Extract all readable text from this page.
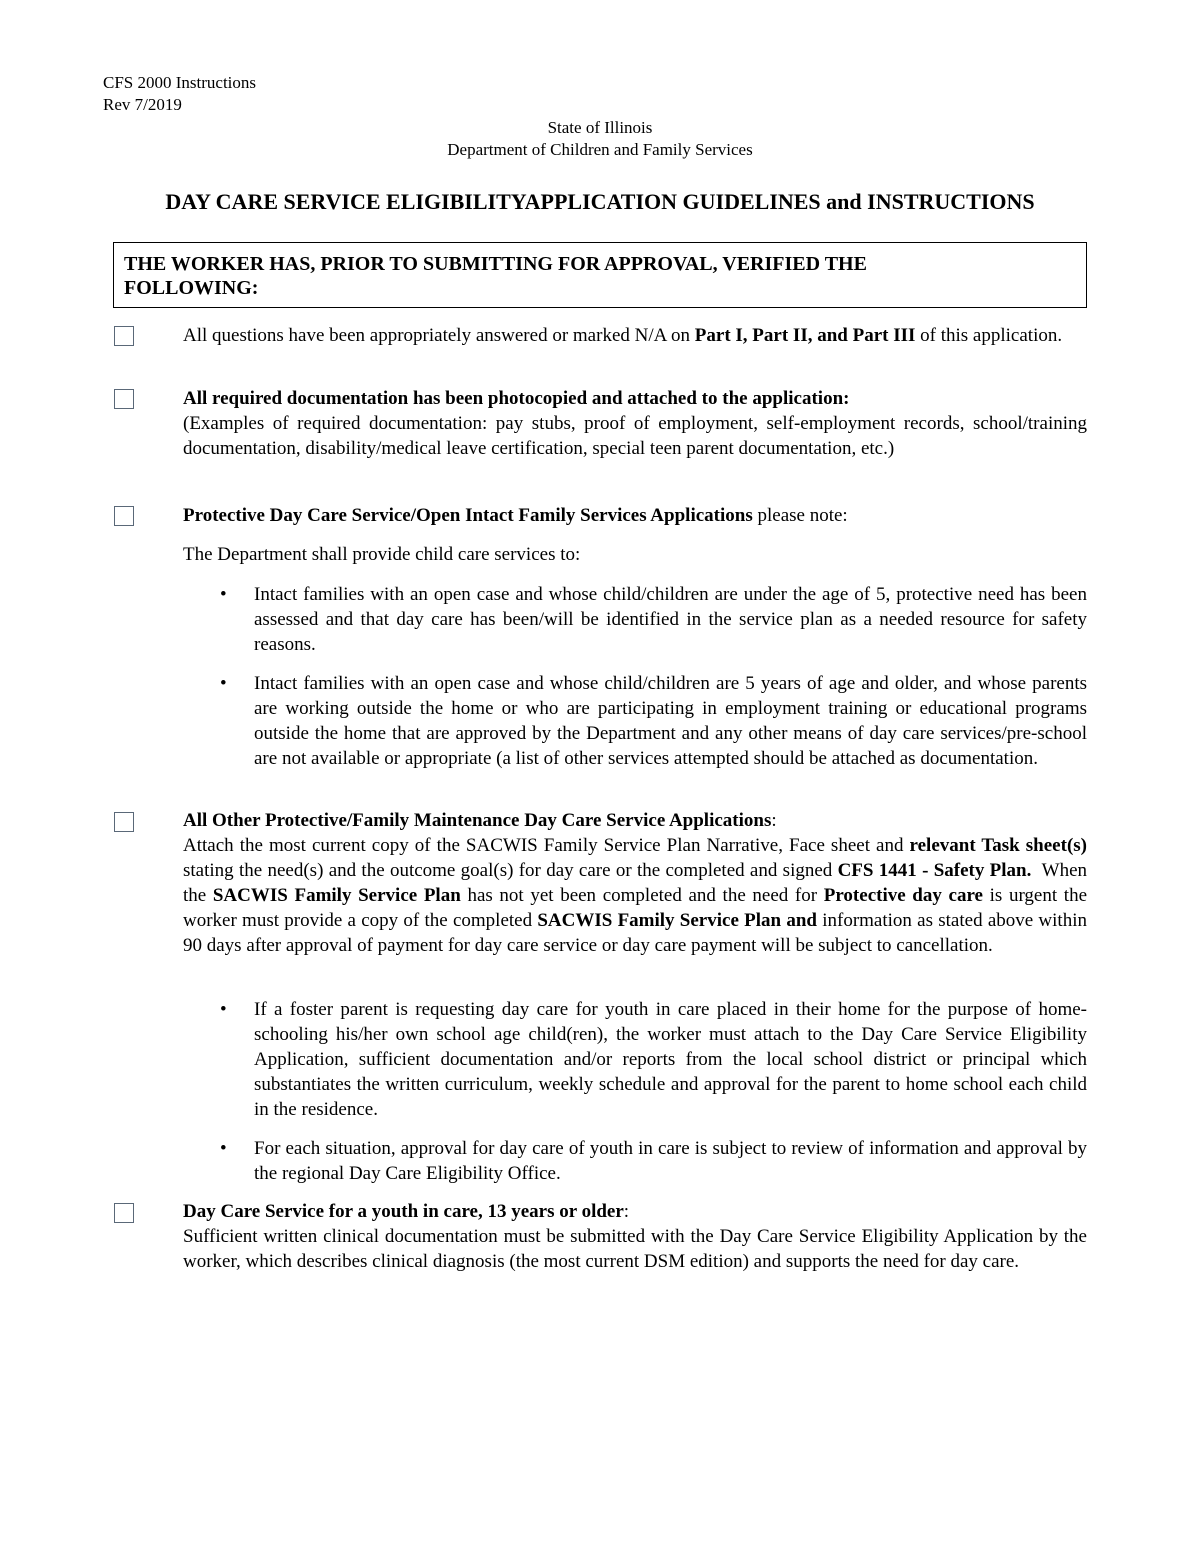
CFS 2000 Instructions
Rev 7/2019
State of Illinois
Department of Children and Family Services
DAY CARE SERVICE ELIGIBILITYAPPLICATION GUIDELINES and INSTRUCTIONS
THE WORKER HAS, PRIOR TO SUBMITTING FOR APPROVAL, VERIFIED THE
FOLLOWING:

All questions have been appropriately answered or marked N/A on Part I, Part II, and Part III of this application.

All required documentation has been photocopied and attached to the application:

(Examples of required documentation: pay stubs, proof of employment, self-employment records, school/training documentation, disability/medical leave certification, special teen parent documentation, etc.)

Protective Day Care Service/Open Intact Family Services Applications please note:

The Department shall provide child care services to:
•	Intact families with an open case and whose child/children are under the age of 5, protective need has been assessed and that day care has been/will be identified in the service plan as a needed resource for safety reasons.
•	Intact families with an open case and whose child/children are 5 years of age and older, and whose parents are working outside the home or who are participating in employment training or educational programs outside the home that are approved by the Department and any other means of day care services/pre-school are not available or appropriate (a list of other services attempted should be attached as documentation.

All Other Protective/Family Maintenance Day Care Service Applications:

Attach the most current copy of the SACWIS Family Service Plan Narrative, Face sheet and relevant Task sheet(s) stating the need(s) and the outcome goal(s) for day care or the completed and signed CFS 1441 - Safety Plan.  When the SACWIS Family Service Plan has not yet been completed and the need for Protective day care is urgent the worker must provide a copy of the completed SACWIS Family Service Plan and information as stated above within 90 days after approval of payment for day care service or day care payment will be subject to cancellation.

•	If a foster parent is requesting day care for youth in care placed in their home for the purpose of home-schooling his/her own school age child(ren), the worker must attach to the Day Care Service Eligibility Application, sufficient documentation and/or reports from the local school district or principal which substantiates the written curriculum, weekly schedule and approval for the parent to home school each child in the residence.
•	For each situation, approval for day care of youth in care is subject to review of information and approval by the regional Day Care Eligibility Office.

Day Care Service for a youth in care, 13 years or older:

Sufficient written clinical documentation must be submitted with the Day Care Service Eligibility Application by the worker, which describes clinical diagnosis (the most current DSM edition) and supports the need for day care.
